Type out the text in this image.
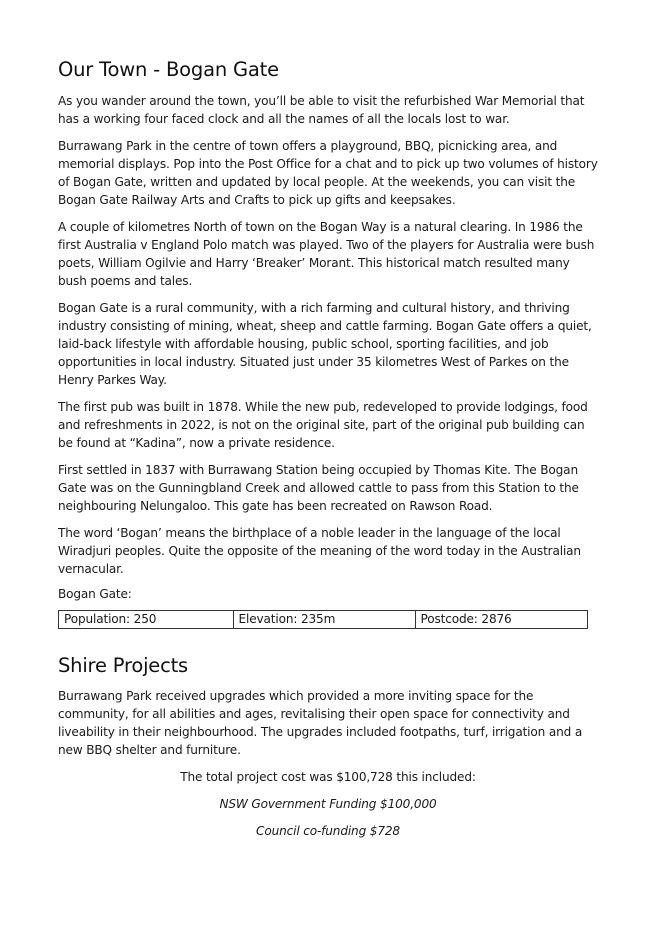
Our Town - Bogan Gate

As you wander around the town, you’ll be able to visit the refurbished War Memorial that has a working four faced clock and all the names of all the locals lost to war.

Burrawang Park in the centre of town offers a playground, BBQ, picnicking area, and memorial displays. Pop into the Post Office for a chat and to pick up two volumes of history of Bogan Gate, written and updated by local people. At the weekends, you can visit the Bogan Gate Railway Arts and Crafts to pick up gifts and keepsakes.

A couple of kilometres North of town on the Bogan Way is a natural clearing. In 1986 the first Australia v England Polo match was played. Two of the players for Australia were bush poets, William Ogilvie and Harry ‘Breaker’ Morant. This historical match resulted many bush poems and tales.

Bogan Gate is a rural community, with a rich farming and cultural history, and thriving industry consisting of mining, wheat, sheep and cattle farming. Bogan Gate offers a quiet, laid-back lifestyle with affordable housing, public school, sporting facilities, and job opportunities in local industry. Situated just under 35 kilometres West of Parkes on the Henry Parkes Way.

The first pub was built in 1878. While the new pub, redeveloped to provide lodgings, food and refreshments in 2022, is not on the original site, part of the original pub building can be found at “Kadina”, now a private residence.

First settled in 1837 with Burrawang Station being occupied by Thomas Kite. The Bogan Gate was on the Gunningbland Creek and allowed cattle to pass from this Station to the neighbouring Nelungaloo. This gate has been recreated on Rawson Road.

The word ‘Bogan’ means the birthplace of a noble leader in the language of the local Wiradjuri peoples. Quite the opposite of the meaning of the word today in the Australian vernacular.

Bogan Gate:

Population: 250	Elevation: 235m	Postcode: 2876
Shire Projects

Burrawang Park received upgrades which provided a more inviting space for the community, for all abilities and ages, revitalising their open space for connectivity and liveability in their neighbourhood. The upgrades included footpaths, turf, irrigation and a new BBQ shelter and furniture.

The total project cost was $100,728 this included:

NSW Government Funding $100,000

Council co-funding $728
